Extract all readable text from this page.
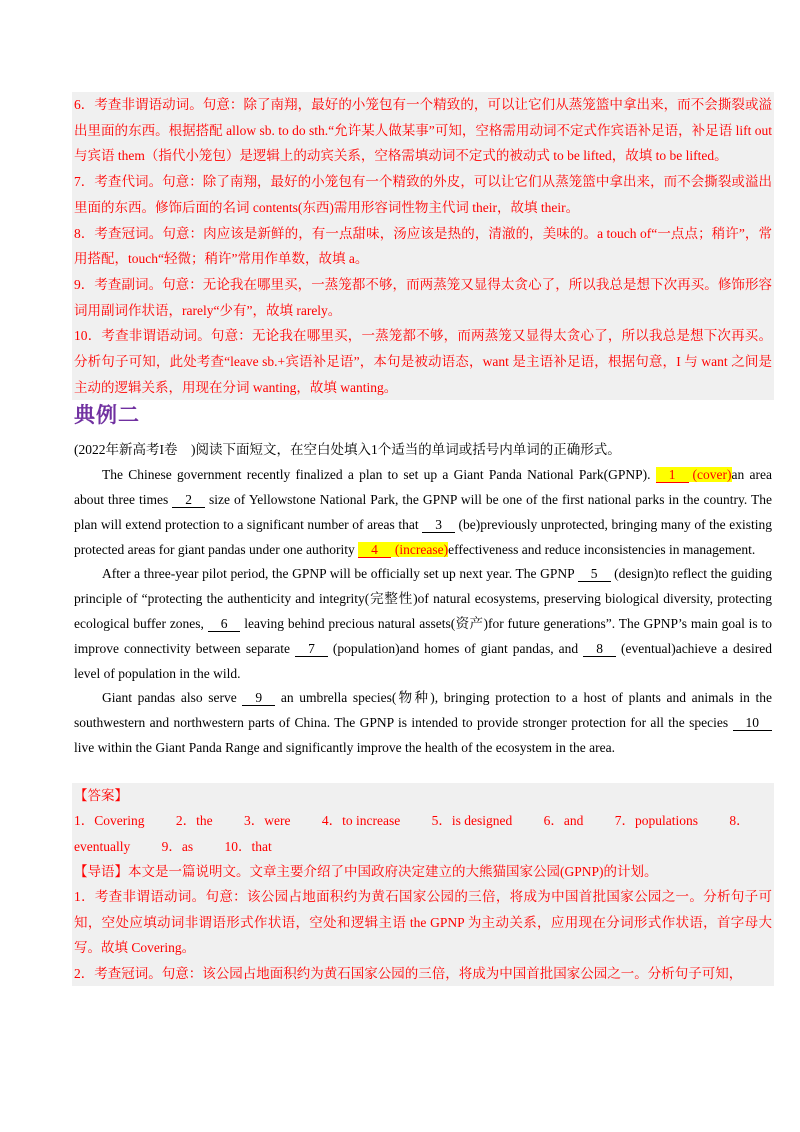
6．考查非谓语动词。句意：除了南翔，最好的小笼包有一个精致的，可以让它们从蒸笼篮中拿出来，而不会撕裂或溢出里面的东西。根据搭配 allow sb. to do sth.“允许某人做某事”可知，空格需用动词不定式作宾语补足语，补足语 lift out 与宾语 them（指代小笼包）是逻辑上的动宾关系，空格需填动词不定式的被动式 to be lifted，故填 to be lifted。

7．考查代词。句意：除了南翔，最好的小笼包有一个精致的外皮，可以让它们从蒸笼篮中拿出来，而不会撕裂或溢出里面的东西。修饰后面的名词 contents(东西)需用形容词性物主代词 their，故填 their。

8．考查冠词。句意：肉应该是新鲜的，有一点甜味，汤应该是热的，清澈的，美味的。a touch of“一点点；稍许”，常用搭配，touch“轻微；稍许”常用作单数，故填 a。

9．考查副词。句意：无论我在哪里买，一蒸笼都不够，而两蒸笼又显得太贪心了，所以我总是想下次再买。修饰形容词用副词作状语，rarely“少有”，故填 rarely。

10．考查非谓语动词。句意：无论我在哪里买，一蒸笼都不够，而两蒸笼又显得太贪心了，所以我总是想下次再买。分析句子可知，此处考查“leave sb.+宾语补足语”，本句是被动语态，want 是主语补足语，根据句意，I 与 want 之间是主动的逻辑关系，用现在分词 wanting，故填 wanting。

典例二
(2022年新高考I卷　)阅读下面短文，在空白处填入1个适当的单词或括号内单词的正确形式。

The Chinese government recently finalized a plan to set up a Giant Panda National Park(GPNP). 1 (cover)an area about three times 2 size of Yellowstone National Park, the GPNP will be one of the first national parks in the country. The plan will extend protection to a significant number of areas that 3 (be)previously unprotected, bringing many of the existing protected areas for giant pandas under one authority 4 (increase)effectiveness and reduce inconsistencies in management.

After a three-year pilot period, the GPNP will be officially set up next year. The GPNP 5 (design)to reflect the guiding principle of “protecting the authenticity and integrity(完整性)of natural ecosystems, preserving biological diversity, protecting ecological buffer zones, 6 leaving behind precious natural assets(资产)for future generations”. The GPNP’s main goal is to improve connectivity between separate 7 (population)and homes of giant pandas, and 8 (eventual)achieve a desired level of population in the wild.

Giant pandas also serve 9 an umbrella species(物种), bringing protection to a host of plants and animals in the southwestern and northwestern parts of China. The GPNP is intended to provide stronger protection for all the species 10 live within the Giant Panda Range and significantly improve the health of the ecosystem in the area.

【答案】

1．Covering 2．the 3．were 4．to increase 5．is designed 6．and 7．populations 8．eventually 9．as 10．that

【导语】本文是一篇说明文。文章主要介绍了中国政府决定建立的大熊猫国家公园(GPNP)的计划。

1．考查非谓语动词。句意：该公园占地面积约为黄石国家公园的三倍，将成为中国首批国家公园之一。分析句子可知，空处应填动词非谓语形式作状语，空处和逻辑主语 the GPNP 为主动关系，应用现在分词形式作状语，首字母大写。故填 Covering。

2．考查冠词。句意：该公园占地面积约为黄石国家公园的三倍，将成为中国首批国家公园之一。分析句子可知，
